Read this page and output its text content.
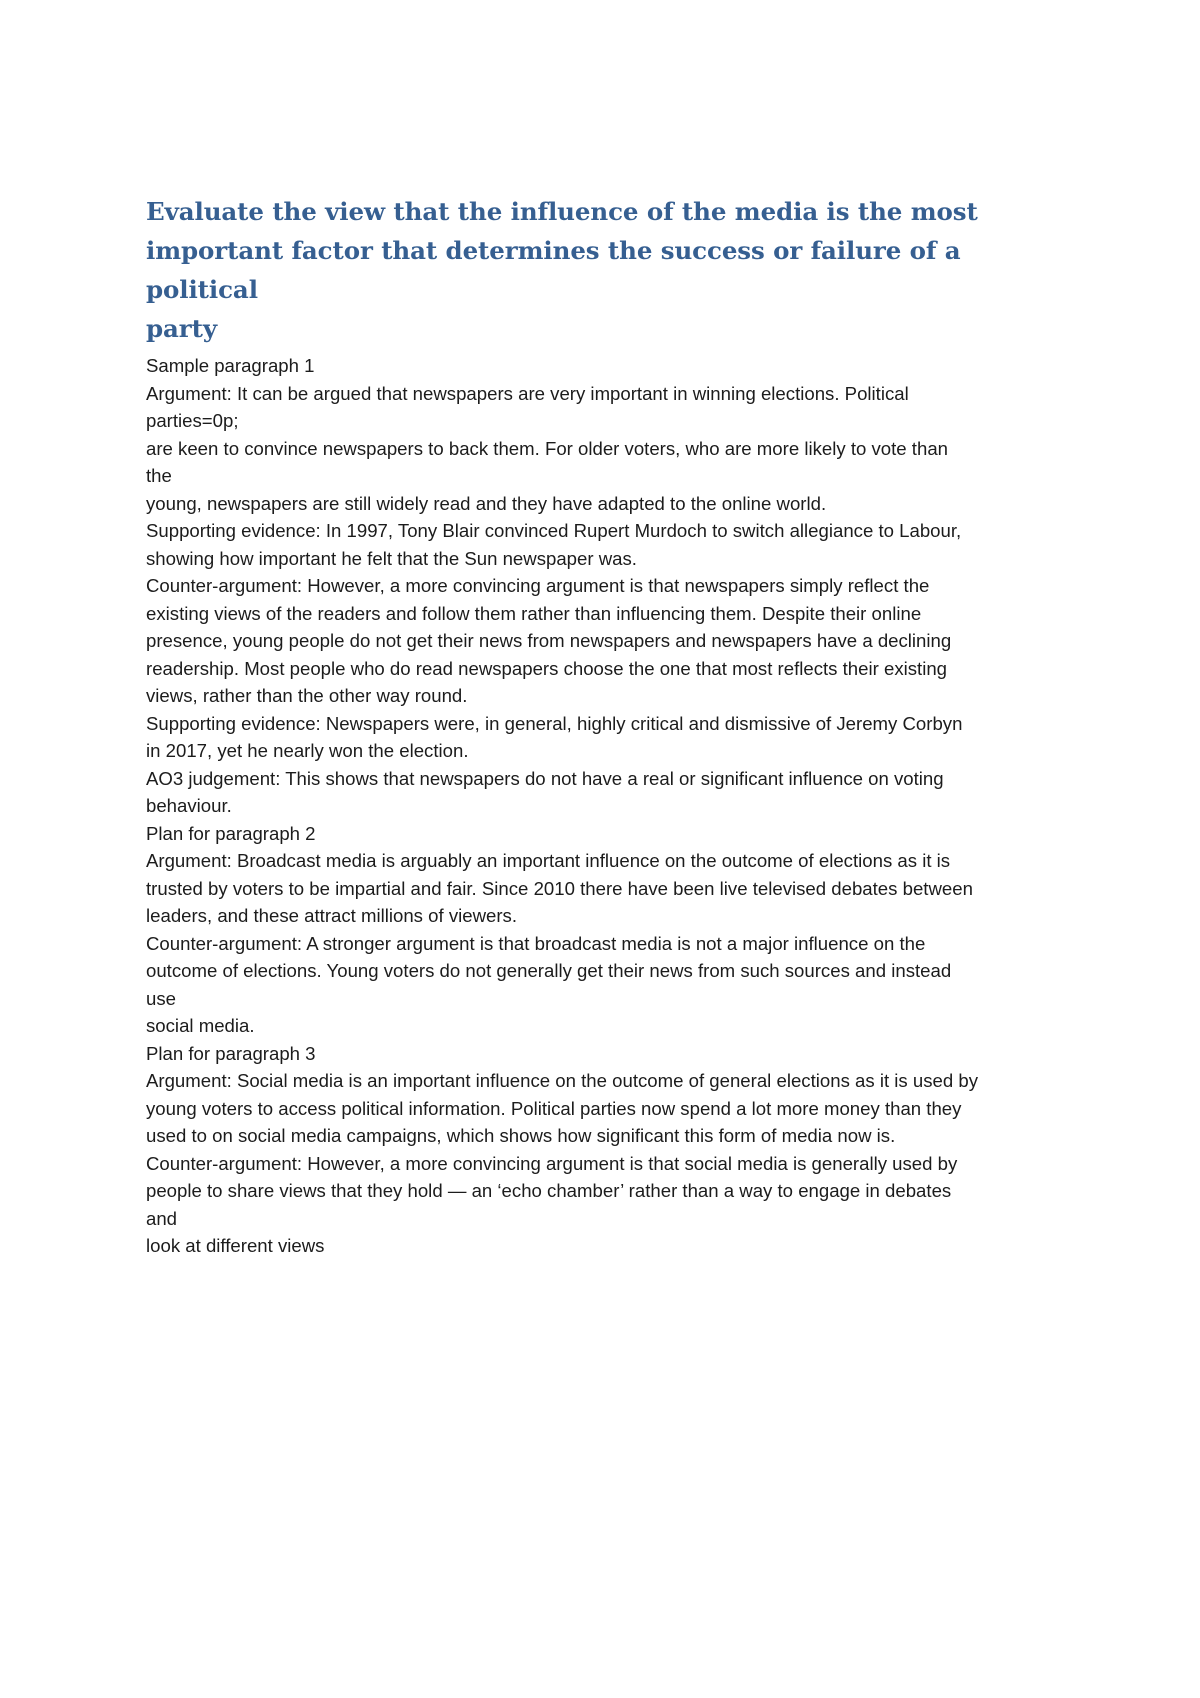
Evaluate the view that the influence of the media is the most
important factor that determines the success or failure of a political
party

Sample paragraph 1

Argument: It can be argued that newspapers are very important in winning elections. Political

parties=0p;

are keen to convince newspapers to back them. For older voters, who are more likely to vote than

the

young, newspapers are still widely read and they have adapted to the online world.

Supporting evidence: In 1997, Tony Blair convinced Rupert Murdoch to switch allegiance to Labour,

showing how important he felt that the Sun newspaper was.

Counter-argument: However, a more convincing argument is that newspapers simply reflect the

existing views of the readers and follow them rather than influencing them. Despite their online

presence, young people do not get their news from newspapers and newspapers have a declining

readership. Most people who do read newspapers choose the one that most reflects their existing

views, rather than the other way round.

Supporting evidence: Newspapers were, in general, highly critical and dismissive of Jeremy Corbyn

in 2017, yet he nearly won the election.

AO3 judgement: This shows that newspapers do not have a real or significant influence on voting

behaviour.

Plan for paragraph 2

Argument: Broadcast media is arguably an important influence on the outcome of elections as it is

trusted by voters to be impartial and fair. Since 2010 there have been live televised debates between

leaders, and these attract millions of viewers.

Counter-argument: A stronger argument is that broadcast media is not a major influence on the

outcome of elections. Young voters do not generally get their news from such sources and instead

use

social media.

Plan for paragraph 3

Argument: Social media is an important influence on the outcome of general elections as it is used by

young voters to access political information. Political parties now spend a lot more money than they

used to on social media campaigns, which shows how significant this form of media now is.

Counter-argument: However, a more convincing argument is that social media is generally used by

people to share views that they hold — an ‘echo chamber’ rather than a way to engage in debates

and

look at different views
